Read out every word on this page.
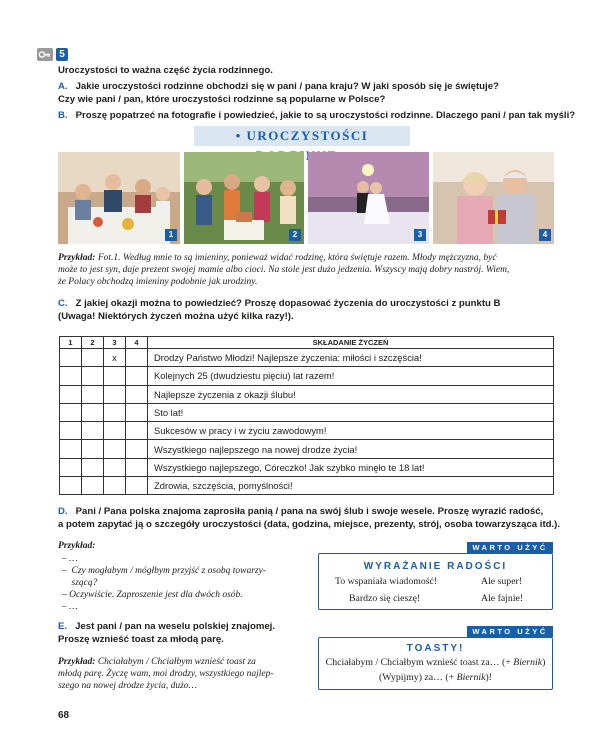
5
Uroczystości to ważna część życia rodzinnego.
A. Jakie uroczystości rodzinne obchodzi się w pani / pana kraju? W jaki sposób się je świętuje?
Czy wie pani / pan, które uroczystości rodzinne są popularne w Polsce?
B. Proszę popatrzeć na fotografie i powiedzieć, jakie to są uroczystości rodzinne. Dlaczego pani / pan tak myśli?
• UROCZYSTOŚCI
1	2	3	4
Przykład: Fot.1. Według mnie to są imieniny, ponieważ widać rodzinę, która świętuje razem. Młody mężczyzna, być
może to jest syn, daje prezent swojej mamie albo cioci. Na stole jest dużo jedzenia. Wszyscy mają dobry nastrój. Wiem,
że Polacy obchodzą imieniny podobnie jak urodziny.
C. Z jakiej okazji można to powiedzieć? Proszę dopasować życzenia do uroczystości z punktu B
(Uwaga! Niektórych życzeń można użyć kilka razy!).
1	2	3	4	SKŁADANIE ŻYCZEŃ
		x		Drodzy Państwo Młodzi! Najlepsze życzenia: miłości i szczęścia!
				Kolejnych 25 (dwudziestu pięciu) lat razem!
				Najlepsze życzenia z okazji ślubu!
				Sto lat!
				Sukcesów w pracy i w życiu zawodowym!
				Wszystkiego najlepszego na nowej drodze życia!
				Wszystkiego najlepszego, Córeczko! Jak szybko minęło te 18 lat!
				Zdrowia, szczęścia, pomyślności!
D. Pani / Pana polska znajoma zaprosiła panią / pana na swój ślub i swoje wesele. Proszę wyrazić radość,
a potem zapytać ją o szczegóły uroczystości (data, godzina, miejsce, prezenty, strój, osoba towarzysząca itd.).
Przykład:
– …
–  Czy mogłabym / mógłbym przyjść z osobą towarzy-
szącą?
– Oczywiście. Zaproszenie jest dla dwóch osób.
– …
E. Jest pani / pan na weselu polskiej znajomej.
Proszę wznieść toast za młodą parę.
Przykład: Chciałabym / Chciałbym wznieść toast za
młodą parę. Życzę wam, moi drodzy, wszystkiego najlep-
szego na nowej drodze życia, dużo…
WARTO UŻYĆ
WYRAŻANIE RADOŚCI
To wspaniała wiadomość!	Ale super!
Bardzo się cieszę!	Ale fajnie!
WARTO UŻYĆ
TOASTY!
Chciałabym / Chciałbym wznieść toast za… (+ Biernik)
(Wypijmy) za… (+ Biernik)!
68
